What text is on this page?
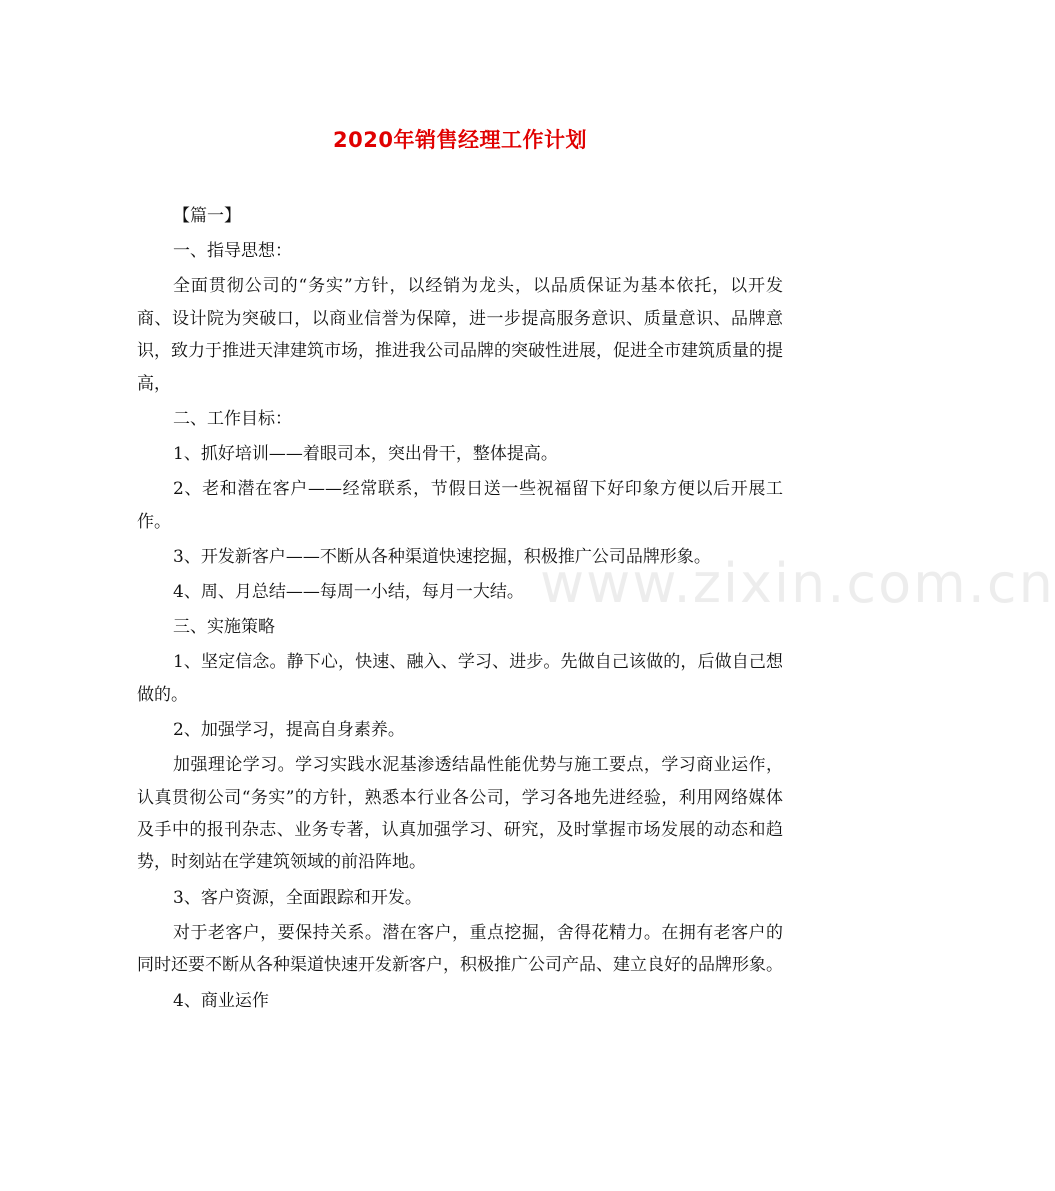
www.zixin.com.cn
2020年销售经理工作计划

【篇一】

一、指导思想：

全面贯彻公司的“务实”方针，以经销为龙头，以品质保证为基本依托，以开发商、设计院为突破口，以商业信誉为保障，进一步提高服务意识、质量意识、品牌意识，致力于推进天津建筑市场，推进我公司品牌的突破性进展，促进全市建筑质量的提高，

二、工作目标：

1、抓好培训——着眼司本，突出骨干，整体提高。

2、老和潜在客户——经常联系，节假日送一些祝福留下好印象方便以后开展工作。

3、开发新客户——不断从各种渠道快速挖掘，积极推广公司品牌形象。

4、周、月总结——每周一小结，每月一大结。

三、实施策略

1、坚定信念。静下心，快速、融入、学习、进步。先做自己该做的，后做自己想做的。

2、加强学习，提高自身素养。

加强理论学习。学习实践水泥基渗透结晶性能优势与施工要点，学习商业运作，认真贯彻公司“务实”的方针，熟悉本行业各公司，学习各地先进经验，利用网络媒体及手中的报刊杂志、业务专著，认真加强学习、研究，及时掌握市场发展的动态和趋势，时刻站在学建筑领域的前沿阵地。

3、客户资源，全面跟踪和开发。

对于老客户，要保持关系。潜在客户，重点挖掘，舍得花精力。在拥有老客户的同时还要不断从各种渠道快速开发新客户，积极推广公司产品、建立良好的品牌形象。

4、商业运作
